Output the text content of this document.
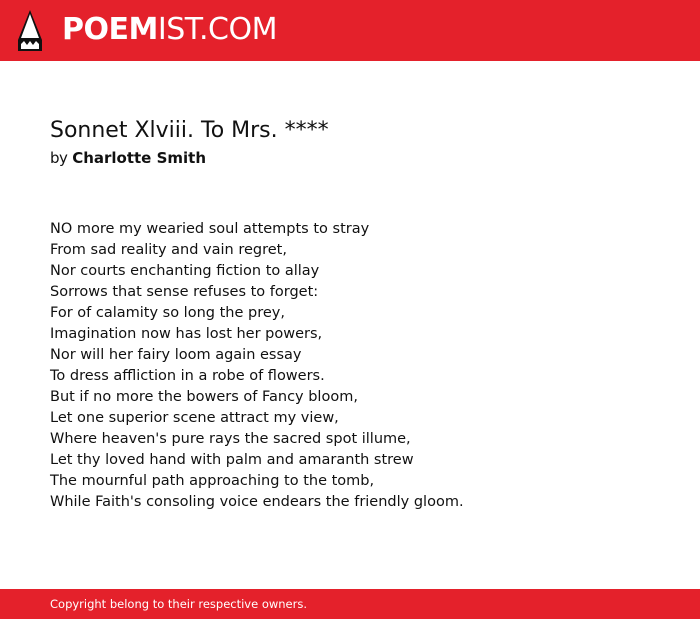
POEMIST.COM
Sonnet Xlviii. To Mrs. ****
by Charlotte Smith
NO more my wearied soul attempts to stray
From sad reality and vain regret,
Nor courts enchanting fiction to allay
Sorrows that sense refuses to forget:
For of calamity so long the prey,
Imagination now has lost her powers,
Nor will her fairy loom again essay
To dress affliction in a robe of flowers.
But if no more the bowers of Fancy bloom,
Let one superior scene attract my view,
Where heaven's pure rays the sacred spot illume,
Let thy loved hand with palm and amaranth strew
The mournful path approaching to the tomb,
While Faith's consoling voice endears the friendly gloom.
Copyright belong to their respective owners.
